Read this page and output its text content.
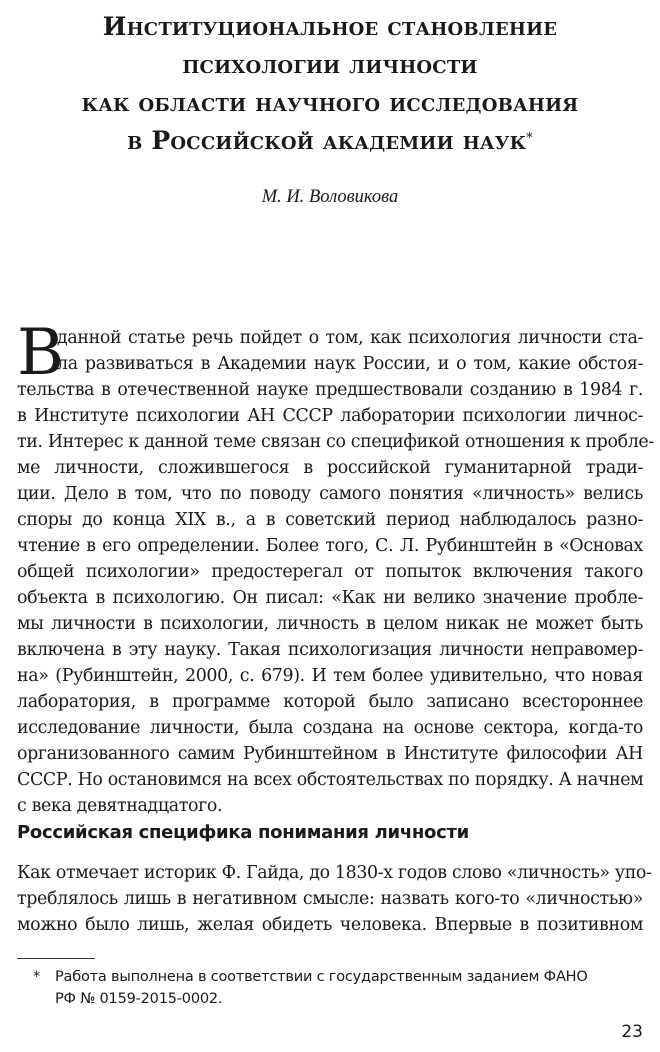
Институциональное становление
психологии личности
как области научного исследования
в Российской академии наук*
М. И. Воловикова
В
данной статье речь пойдет о том, как психология личности ста-
ла развиваться в Академии наук России, и о том, какие обстоя-
тельства в отечественной науке предшествовали созданию в 1984 г.
в Институте психологии АН СССР лаборатории психологии личнос-
ти. Интерес к данной теме связан со спецификой отношения к пробле-
ме личности, сложившегося в российской гуманитарной тради-
ции. Дело в том, что по поводу самого понятия «личность» велись
споры до конца XIX в., а в советский период наблюдалось разно-
чтение в его определении. Более того, С. Л. Рубинштейн в «Основах
общей психологии» предостерегал от попыток включения такого
объекта в психологию. Он писал: «Как ни велико значение пробле-
мы личности в психологии, личность в целом никак не может быть
включена в эту науку. Такая психологизация личности неправомер-
на» (Рубинштейн, 2000, с. 679). И тем более удивительно, что новая
лаборатория, в программе которой было записано всестороннее
исследование личности, была создана на основе сектора, когда-то
организованного самим Рубинштейном в Институте философии АН
СССР. Но остановимся на всех обстоятельствах по порядку. А начнем
с века девятнадцатого.
Российская специфика понимания личности
Как отмечает историк Ф. Гайда, до 1830-х годов слово «личность» упо-
треблялось лишь в негативном смысле: назвать кого-то «личностью»
можно было лишь, желая обидеть человека. Впервые в позитивном
* Работа выполнена в соответствии с государственным заданием ФАНО
РФ № 0159-2015-0002.
23
